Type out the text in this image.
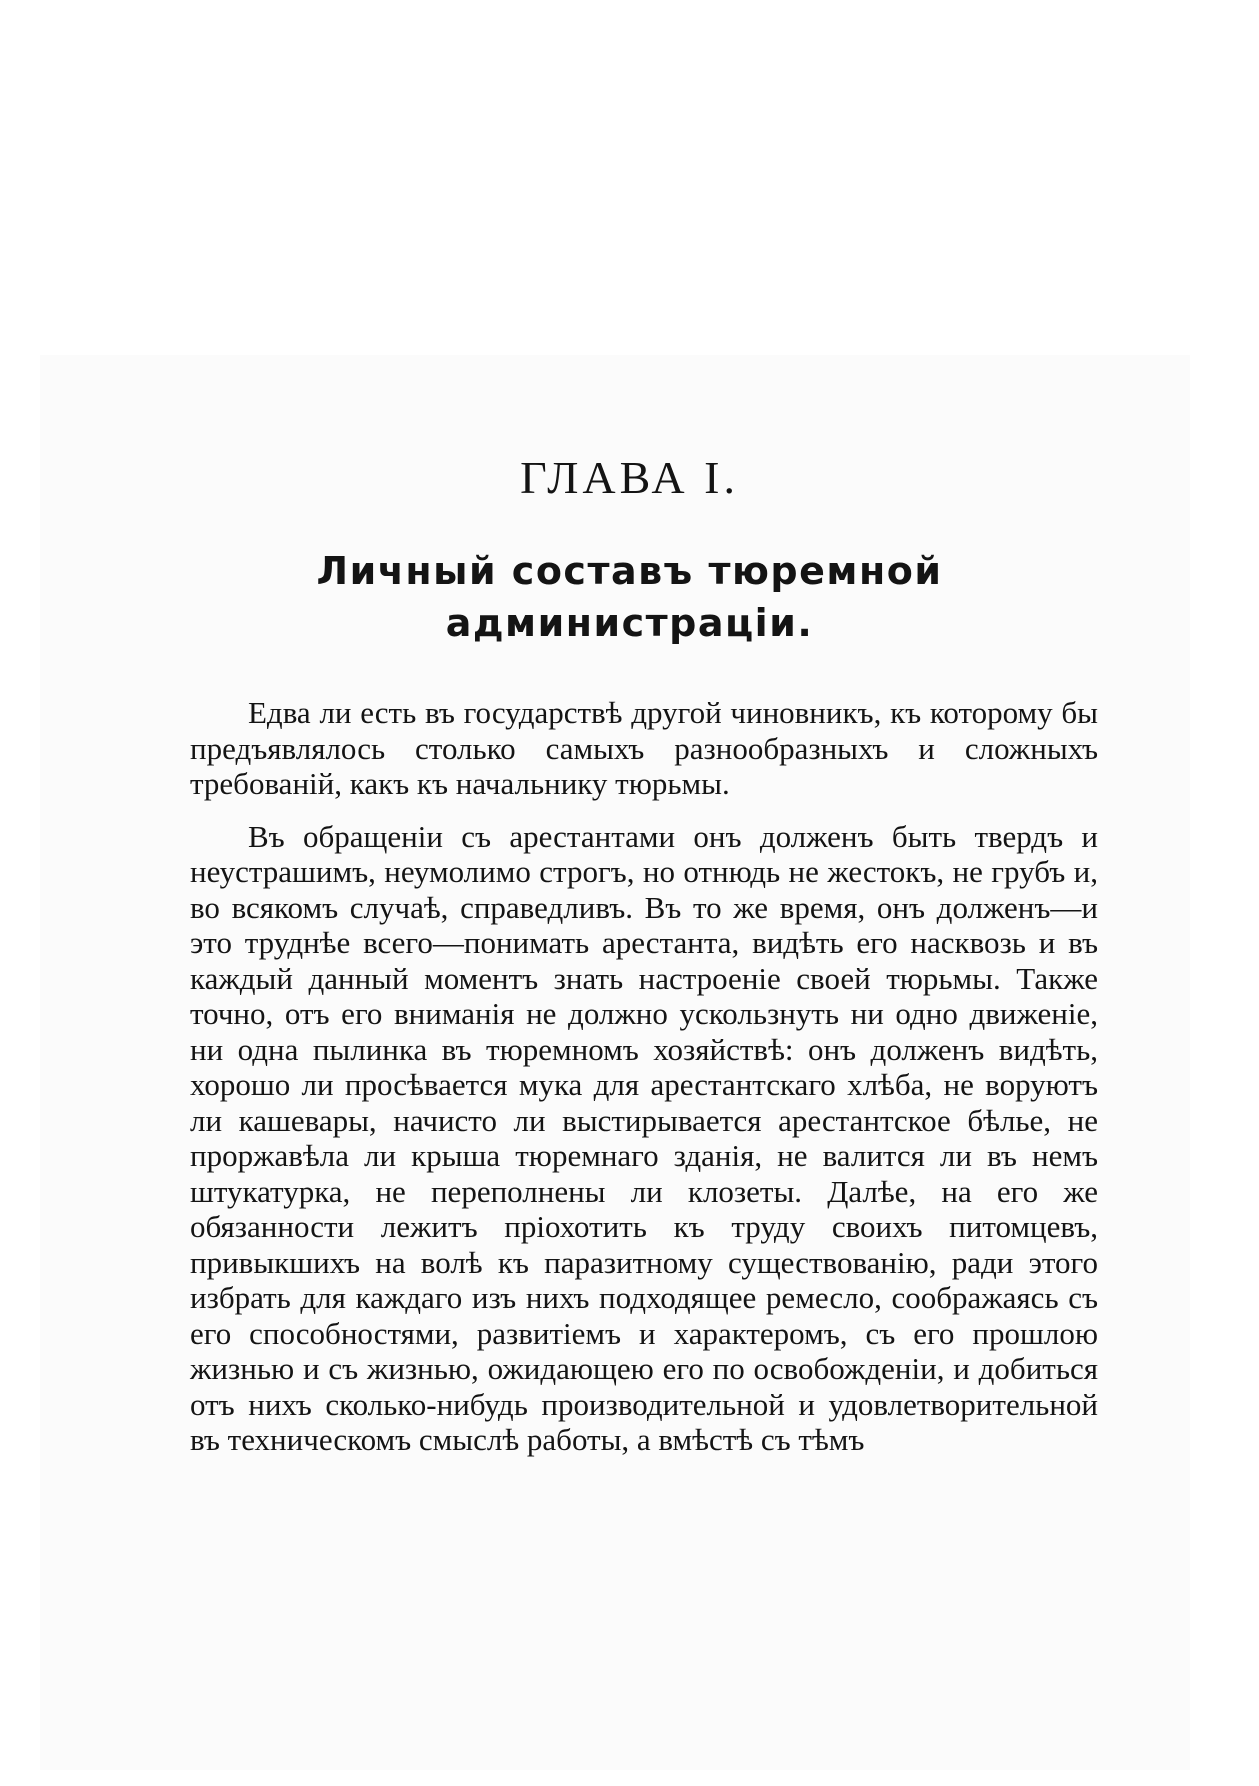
ГЛАВА I.
Личный составъ тюремной
администраціи.

Едва ли есть въ государствѣ другой чиновникъ, къ которому бы предъявлялось столько самыхъ разнообразныхъ и сложныхъ требованій, какъ къ начальнику тюрьмы.

Въ обращеніи съ арестантами онъ долженъ быть твердъ и неустрашимъ, неумолимо строгъ, но отнюдь не жестокъ, не грубъ и, во всякомъ случаѣ, справедливъ. Въ то же время, онъ долженъ—и это труднѣе всего—понимать арестанта, видѣть его насквозь и въ каждый данный моментъ знать настроеніе своей тюрьмы. Также точно, отъ его вниманія не должно ускользнуть ни одно движеніе, ни одна пылинка въ тюремномъ хозяйствѣ: онъ долженъ видѣть, хорошо ли просѣвается мука для арестантскаго хлѣба, не воруютъ ли кашевары, начисто ли выстирывается арестантское бѣлье, не проржавѣла ли крыша тюремнаго зданія, не валится ли въ немъ штукатурка, не переполнены ли клозеты. Далѣе, на его же обязанности лежитъ пріохотить къ труду своихъ питомцевъ, привыкшихъ на волѣ къ паразитному существованію, ради этого избрать для каждаго изъ нихъ подходящее ремесло, соображаясь съ его способностями, развитіемъ и характеромъ, съ его прошлою жизнью и съ жизнью, ожидающею его по освобожденіи, и добиться отъ нихъ сколько-нибудь производительной и удовлетворительной въ техническомъ смыслѣ работы, а вмѣстѣ съ тѣмъ
